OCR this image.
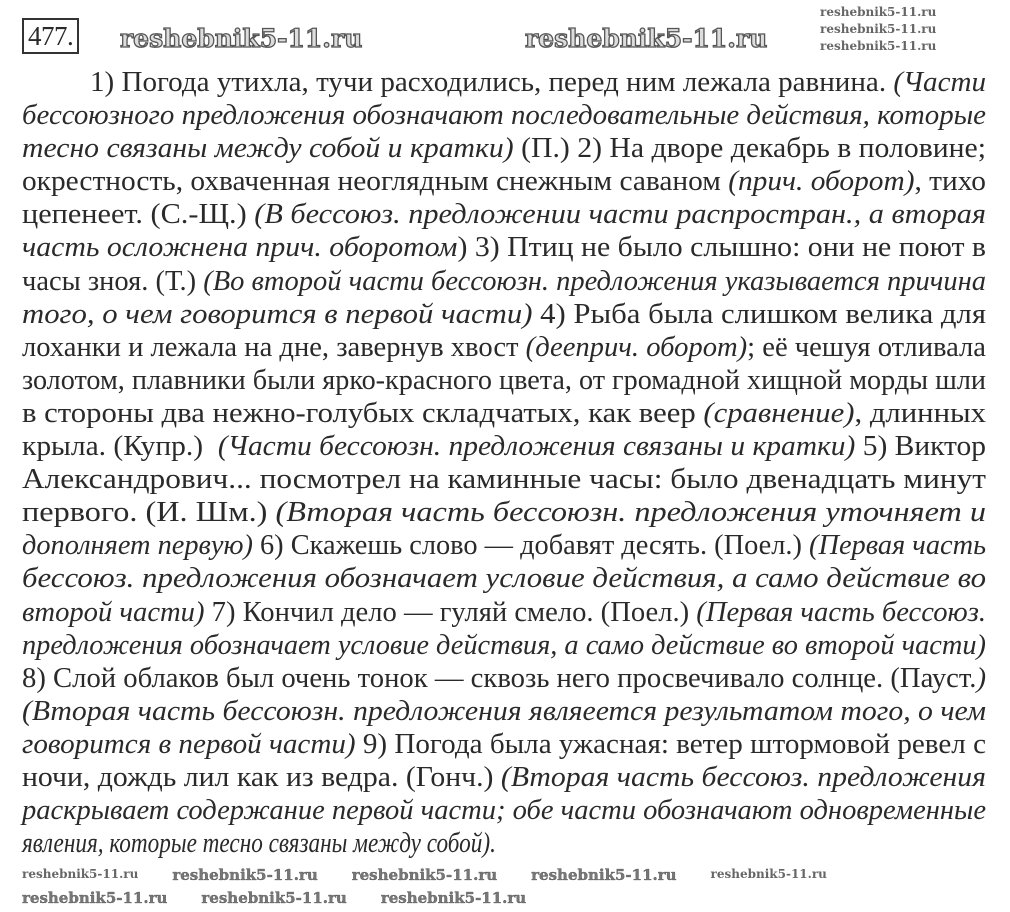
477. reshebnik5-11.ru	reshebnik5-11.ru
reshebnik5-11.ru
reshebnik5-11.ru
reshebnik5-11.ru
1) Погода утихла, тучи расходились, перед ним лежала равнина. (Части
бессоюзного предложения обозначают последовательные действия, которые
тесно связаны между собой и кратки) (П.) 2) На дворе декабрь в половине;
окрестность, охваченная неоглядным снежным саваном (прич. оборот), тихо
цепенеет. (С.-Щ.) (В бессоюз. предложении части распростран., а вторая
часть осложнена прич. оборотом) 3) Птиц не было слышно: они не поют в
часы зноя. (Т.) (Во второй части бессоюзн. предложения указывается причина
того, о чем говорится в первой части) 4) Рыба была слишком велика для
лоханки и лежала на дне, завернув хвост (дееприч. оборот); её чешуя отливала
золотом, плавники были ярко-красного цвета, от громадной хищной морды шли
в стороны два нежно-голубых складчатых, как веер (сравнение), длинных
крыла. (Купр.)  (Части бессоюзн. предложения связаны и кратки) 5) Виктор
Александрович... посмотрел на каминные часы: было двенадцать минут
первого. (И. Шм.) (Вторая часть бессоюзн. предложения уточняет и
дополняет первую) 6) Скажешь слово — добавят десять. (Поел.) (Первая часть
бессоюз. предложения обозначает условие действия, а само действие во
второй части) 7) Кончил дело — гуляй смело. (Поел.) (Первая часть бессоюз.
предложения обозначает условие действия, а само действие во второй части)
8) Слой облаков был очень тонок — сквозь него просвечивало солнце. (Пауст.)
(Вторая часть бессоюзн. предложения являеется результатом того, о чем
говорится в первой части) 9) Погода была ужасная: ветер штормовой ревел с
ночи, дождь лил как из ведра. (Гонч.) (Вторая часть бессоюз. предложения
раскрывает содержание первой части; обе части обозначают одновременные
явления, которые тесно связаны между собой).
reshebnik5-11.ru reshebnik5-11.ru reshebnik5-11.ru reshebnik5-11.ru	reshebnik5-11.ru
reshebnik5-11.ru reshebnik5-11.ru reshebnik5-11.ru
